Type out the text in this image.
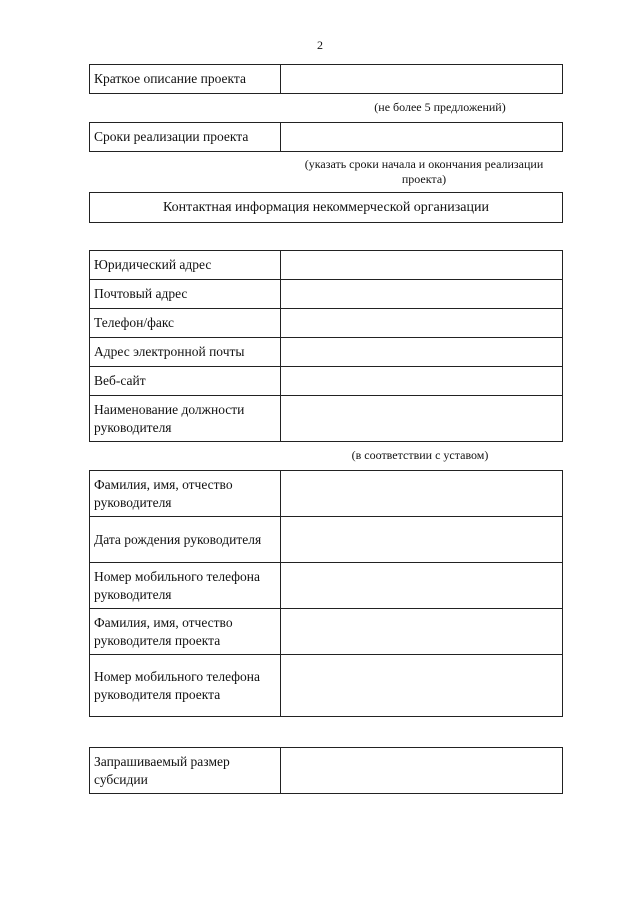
2
Краткое описание проекта	
(не более 5 предложений)
Сроки реализации проекта	
(указать сроки начала и окончания реализации проекта)
Контактная информация некоммерческой организации
Юридический адрес	
Почтовый адрес	
Телефон/факс	
Адрес электронной почты	
Веб-сайт	
Наименование должности руководителя	
(в соответствии с уставом)
Фамилия, имя, отчество руководителя	
Дата рождения руководителя	
Номер мобильного телефона руководителя	
Фамилия, имя, отчество руководителя проекта	
Номер мобильного телефона руководителя проекта	
Запрашиваемый размер субсидии	
